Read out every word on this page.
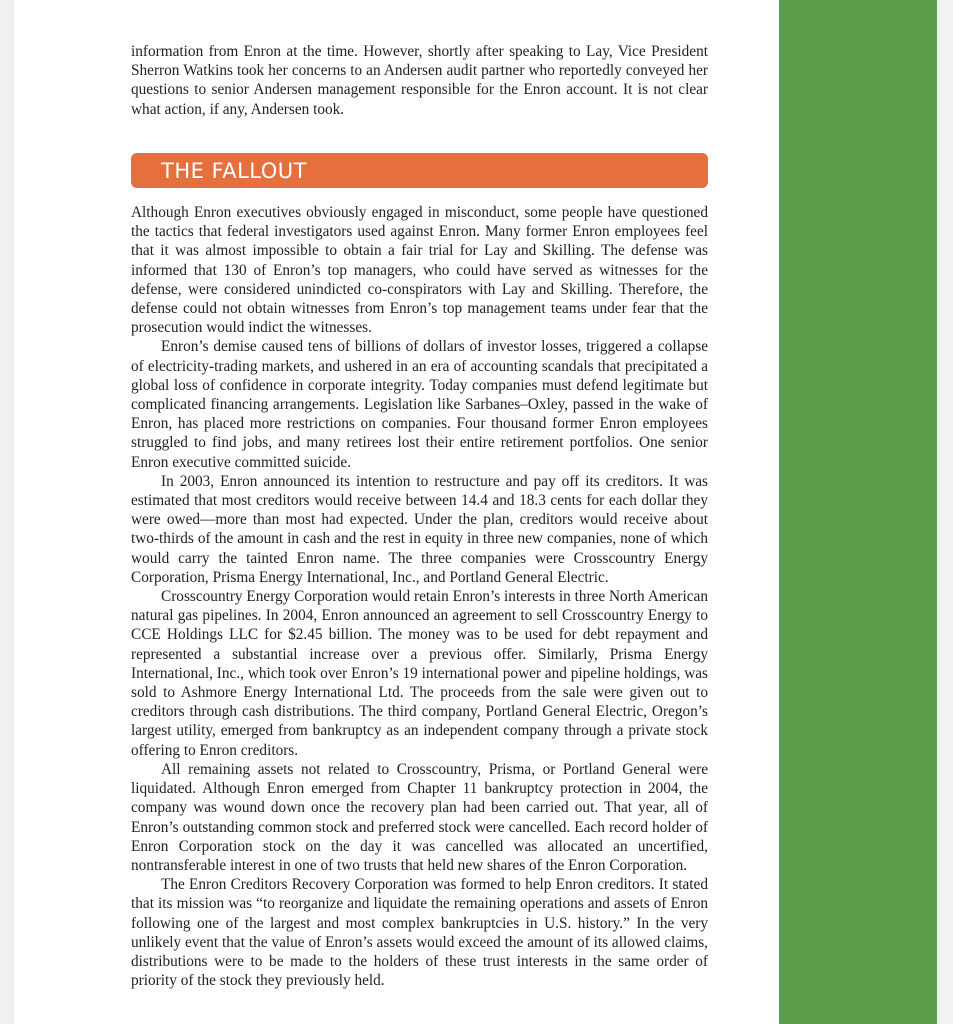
information from Enron at the time. However, shortly after speaking to Lay, Vice President Sherron Watkins took her concerns to an Andersen audit partner who reportedly conveyed her questions to senior Andersen management responsible for the Enron account. It is not clear what action, if any, Andersen took.

THE FALLOUT

Although Enron executives obviously engaged in misconduct, some people have questioned the tactics that federal investigators used against Enron. Many former Enron employees feel that it was almost impossible to obtain a fair trial for Lay and Skilling. The defense was informed that 130 of Enron’s top managers, who could have served as witnesses for the defense, were considered unindicted co-conspirators with Lay and Skilling. Therefore, the defense could not obtain witnesses from Enron’s top management teams under fear that the prosecution would indict the witnesses.

Enron’s demise caused tens of billions of dollars of investor losses, triggered a collapse of electricity-trading markets, and ushered in an era of accounting scandals that precipitated a global loss of confidence in corporate integrity. Today companies must defend legitimate but complicated financing arrangements. Legislation like Sarbanes–Oxley, passed in the wake of Enron, has placed more restrictions on companies. Four thousand former Enron employees struggled to find jobs, and many retirees lost their entire retirement portfolios. One senior Enron executive committed suicide.

In 2003, Enron announced its intention to restructure and pay off its creditors. It was estimated that most creditors would receive between 14.4 and 18.3 cents for each dollar they were owed—more than most had expected. Under the plan, creditors would receive about two-thirds of the amount in cash and the rest in equity in three new companies, none of which would carry the tainted Enron name. The three companies were Crosscountry Energy Corporation, Prisma Energy International, Inc., and Portland General Electric.

Crosscountry Energy Corporation would retain Enron’s interests in three North American natural gas pipelines. In 2004, Enron announced an agreement to sell Crosscountry Energy to CCE Holdings LLC for $2.45 billion. The money was to be used for debt repayment and represented a substantial increase over a previous offer. Similarly, Prisma Energy International, Inc., which took over Enron’s 19 international power and pipeline holdings, was sold to Ashmore Energy International Ltd. The proceeds from the sale were given out to creditors through cash distributions. The third company, Portland General Electric, Oregon’s largest utility, emerged from bankruptcy as an independent company through a private stock offering to Enron creditors.

All remaining assets not related to Crosscountry, Prisma, or Portland General were liquidated. Although Enron emerged from Chapter 11 bankruptcy protection in 2004, the company was wound down once the recovery plan had been carried out. That year, all of Enron’s outstanding common stock and preferred stock were cancelled. Each record holder of Enron Corporation stock on the day it was cancelled was allocated an uncertified, nontransferable interest in one of two trusts that held new shares of the Enron Corporation.

The Enron Creditors Recovery Corporation was formed to help Enron creditors. It stated that its mission was “to reorganize and liquidate the remaining operations and assets of Enron following one of the largest and most complex bankruptcies in U.S. history.” In the very unlikely event that the value of Enron’s assets would exceed the amount of its allowed claims, distributions were to be made to the holders of these trust interests in the same order of priority of the stock they previously held.
